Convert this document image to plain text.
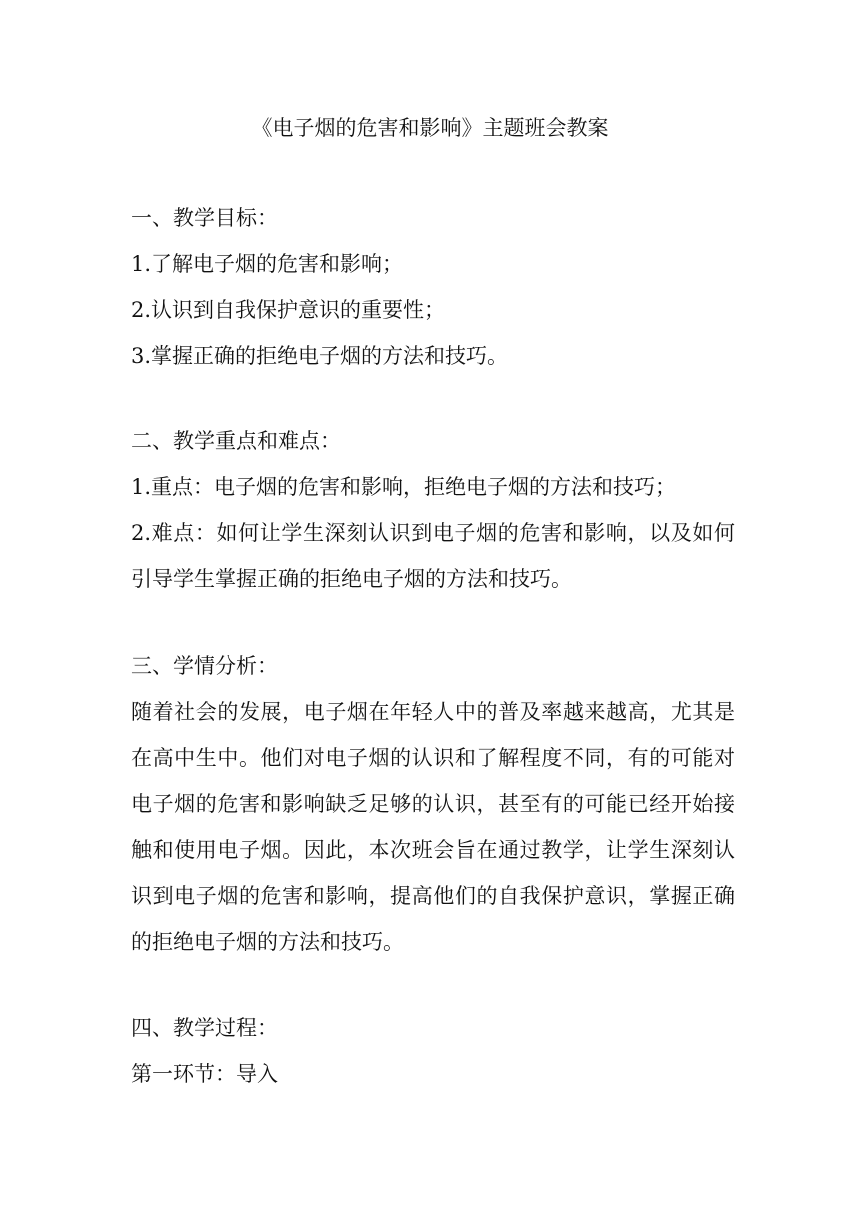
《电子烟的危害和影响》主题班会教案
一、教学目标：
1.了解电子烟的危害和影响；
2.认识到自我保护意识的重要性；
3.掌握正确的拒绝电子烟的方法和技巧。
二、教学重点和难点：
1.重点：电子烟的危害和影响，拒绝电子烟的方法和技巧；
2.难点：如何让学生深刻认识到电子烟的危害和影响，以及如何引导学生掌握正确的拒绝电子烟的方法和技巧。
三、学情分析：
随着社会的发展，电子烟在年轻人中的普及率越来越高，尤其是在高中生中。他们对电子烟的认识和了解程度不同，有的可能对电子烟的危害和影响缺乏足够的认识，甚至有的可能已经开始接触和使用电子烟。因此，本次班会旨在通过教学，让学生深刻认识到电子烟的危害和影响，提高他们的自我保护意识，掌握正确的拒绝电子烟的方法和技巧。
四、教学过程：
第一环节：导入
